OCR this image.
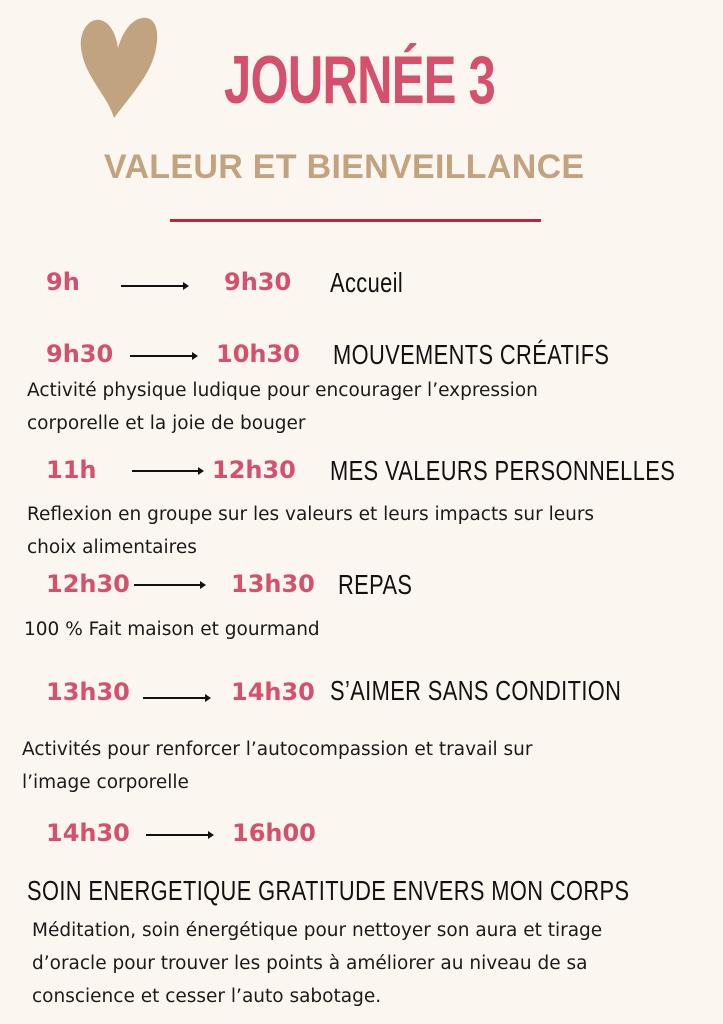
JOURNÉE 3
VALEUR ET BIENVEILLANCE
9h	9h30 Accueil
9h30	10h30 MOUVEMENTS CRÉATIFS
Activité physique ludique pour encourager l’expression
corporelle et la joie de bouger
11h	12h30 MES VALEURS PERSONNELLES
Reflexion en groupe sur les valeurs et leurs impacts sur leurs
choix alimentaires
12h30	13h30 REPAS
100 % Fait maison et gourmand
13h30	14h30 S’AIMER SANS CONDITION
Activités pour renforcer l’autocompassion et travail sur
l’image corporelle
14h30	16h00
SOIN ENERGETIQUE GRATITUDE ENVERS MON CORPS
Méditation, soin énergétique pour nettoyer son aura et tirage
d’oracle pour trouver les points à améliorer au niveau de sa
conscience et cesser l’auto sabotage.
